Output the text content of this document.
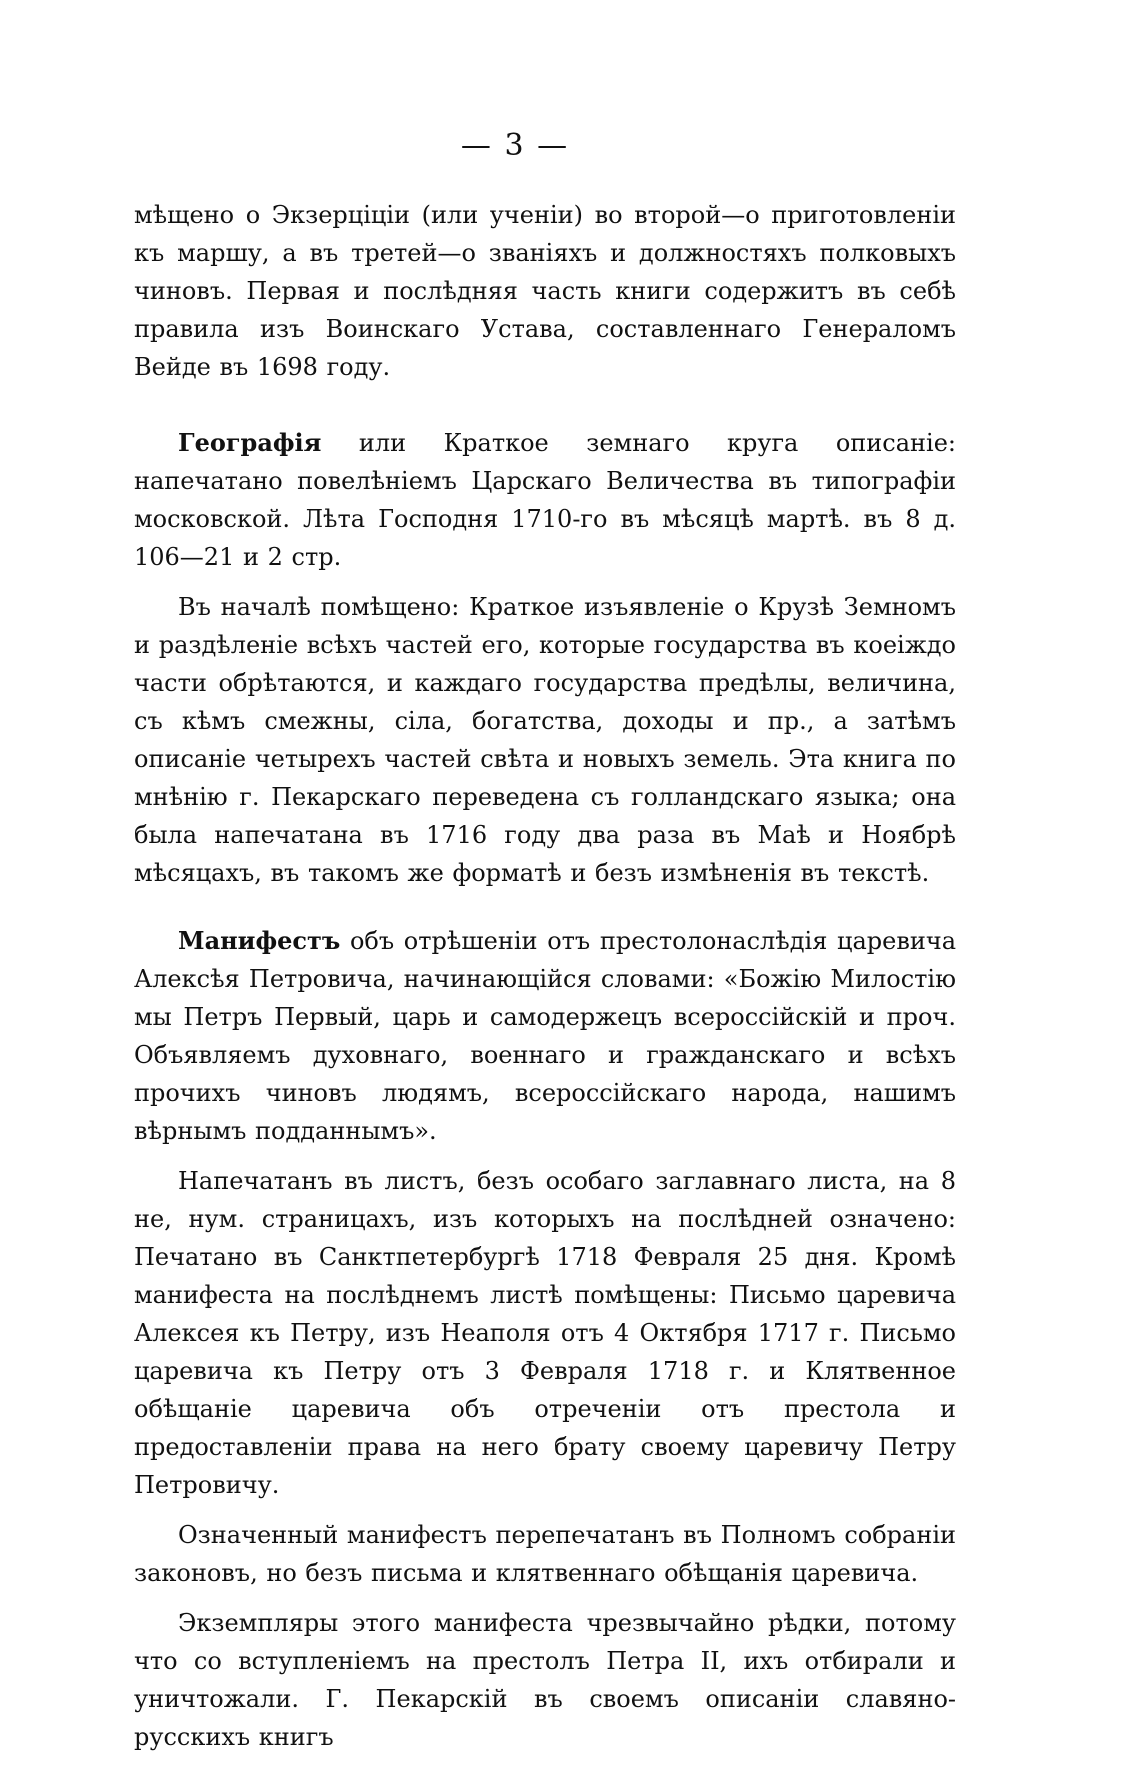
— 3 —

мѣщено о Экзерцiцiи (или ученiи) во второй—о приготовленiи къ маршу, а въ третей—о званiяхъ и должностяхъ полковыхъ чиновъ. Первая и послѣдняя часть книги содержитъ въ себѣ правила изъ Воинскаго Устава, составленнаго Генераломъ Вейде въ 1698 году.

Географiя или Краткое земнаго круга описанiе: напечатано повелѣнiемъ Царскаго Величества въ типографiи московской. Лѣта Господня 1710-го въ мѣсяцѣ мартѣ. въ 8 д. 106—21 и 2 стр.

Въ началѣ помѣщено: Краткое изъявленiе о Крузѣ Земномъ и раздѣленiе всѣхъ частей его, которые государства въ коеiждо части обрѣтаются, и каждаго государства предѣлы, величина, съ кѣмъ смежны, сiла, богатства, доходы и пр., а затѣмъ описанiе четырехъ частей свѣта и новыхъ земель. Эта книга по мнѣнiю г. Пекарскаго переведена съ голландскаго языка; она была напечатана въ 1716 году два раза въ Маѣ и Ноябрѣ мѣсяцахъ, въ такомъ же форматѣ и безъ измѣненiя въ текстѣ.

Манифестъ объ отрѣшенiи отъ престолонаслѣдiя царевича Алексѣя Петровича, начинающiйся словами: «Божiю Милостiю мы Петръ Первый, царь и самодержецъ всероссiйскiй и проч. Объявляемъ духовнаго, военнаго и гражданскаго и всѣхъ прочихъ чиновъ людямъ, всероссiйскаго народа, нашимъ вѣрнымъ подданнымъ».

Напечатанъ въ листъ, безъ особаго заглавнаго листа, на 8 не, нум. страницахъ, изъ которыхъ на послѣдней означено: Печатано въ Санктпетербургѣ 1718 Февраля 25 дня. Кромѣ манифеста на послѣднемъ листѣ помѣщены: Письмо царевича Алексея къ Петру, изъ Неаполя отъ 4 Октября 1717 г. Письмо царевича къ Петру отъ 3 Февраля 1718 г. и Клятвенное обѣщанiе царевича объ отреченiи отъ престола и предоставленiи права на него брату своему царевичу Петру Петровичу.

Означенный манифестъ перепечатанъ въ Полномъ собранiи законовъ, но безъ письма и клятвеннаго обѣщанiя царевича.

Экземпляры этого манифеста чрезвычайно рѣдки, потому что со вступленiемъ на престолъ Петра II, ихъ отбирали и уничтожали. Г. Пекарскiй въ своемъ описанiи славяно-русскихъ книгъ
